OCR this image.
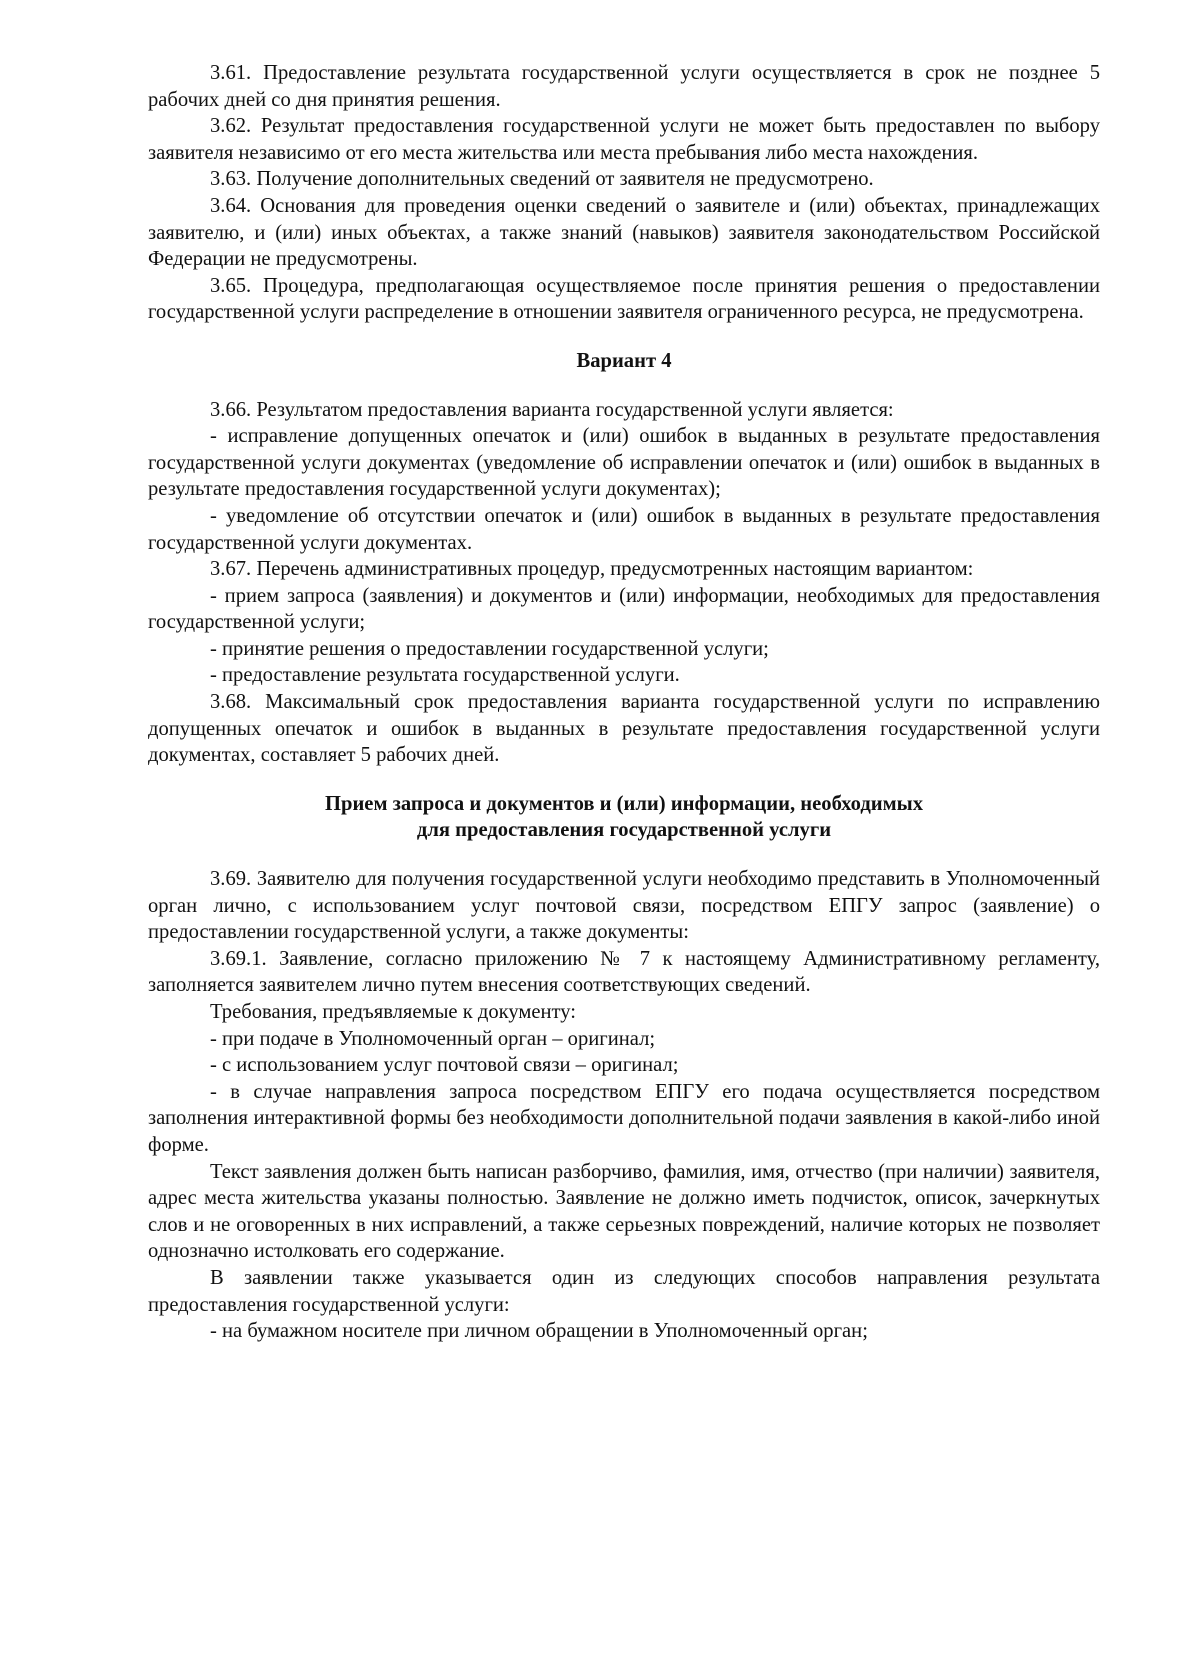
3.61. Предоставление результата государственной услуги осуществляется в срок не позднее 5 рабочих дней со дня принятия решения.

3.62. Результат предоставления государственной услуги не может быть предоставлен по выбору заявителя независимо от его места жительства или места пребывания либо места нахождения.

3.63. Получение дополнительных сведений от заявителя не предусмотрено.

3.64. Основания для проведения оценки сведений о заявителе и (или) объектах, принадлежащих заявителю, и (или) иных объектах, а также знаний (навыков) заявителя законодательством Российской Федерации не предусмотрены.

3.65. Процедура, предполагающая осуществляемое после принятия решения о предоставлении государственной услуги распределение в отношении заявителя ограниченного ресурса, не предусмотрена.

Вариант 4

3.66. Результатом предоставления варианта государственной услуги является:

- исправление допущенных опечаток и (или) ошибок в выданных в результате предоставления государственной услуги документах (уведомление об исправлении опечаток и (или) ошибок в выданных в результате предоставления государственной услуги документах);

- уведомление об отсутствии опечаток и (или) ошибок в выданных в результате предоставления государственной услуги документах.

3.67. Перечень административных процедур, предусмотренных настоящим вариантом:

- прием запроса (заявления) и документов и (или) информации, необходимых для предоставления государственной услуги;

- принятие решения о предоставлении государственной услуги;

- предоставление результата государственной услуги.

3.68. Максимальный срок предоставления варианта государственной услуги по исправлению допущенных опечаток и ошибок в выданных в результате предоставления государственной услуги документах, составляет 5 рабочих дней.

Прием запроса и документов и (или) информации, необходимых

для предоставления государственной услуги

3.69. Заявителю для получения государственной услуги необходимо представить в Уполномоченный орган лично, с использованием услуг почтовой связи, посредством ЕПГУ запрос (заявление) о предоставлении государственной услуги, а также документы:

3.69.1. Заявление, согласно приложению № 7 к настоящему Административному регламенту, заполняется заявителем лично путем внесения соответствующих сведений.

Требования, предъявляемые к документу:

- при подаче в Уполномоченный орган – оригинал;

- с использованием услуг почтовой связи – оригинал;

- в случае направления запроса посредством ЕПГУ его подача осуществляется посредством заполнения интерактивной формы без необходимости дополнительной подачи заявления в какой-либо иной форме.

Текст заявления должен быть написан разборчиво, фамилия, имя, отчество (при наличии) заявителя, адрес места жительства указаны полностью. Заявление не должно иметь подчисток, описок, зачеркнутых слов и не оговоренных в них исправлений, а также серьезных повреждений, наличие которых не позволяет однозначно истолковать его содержание.

В заявлении также указывается один из следующих способов направления результата предоставления государственной услуги:

- на бумажном носителе при личном обращении в Уполномоченный орган;
